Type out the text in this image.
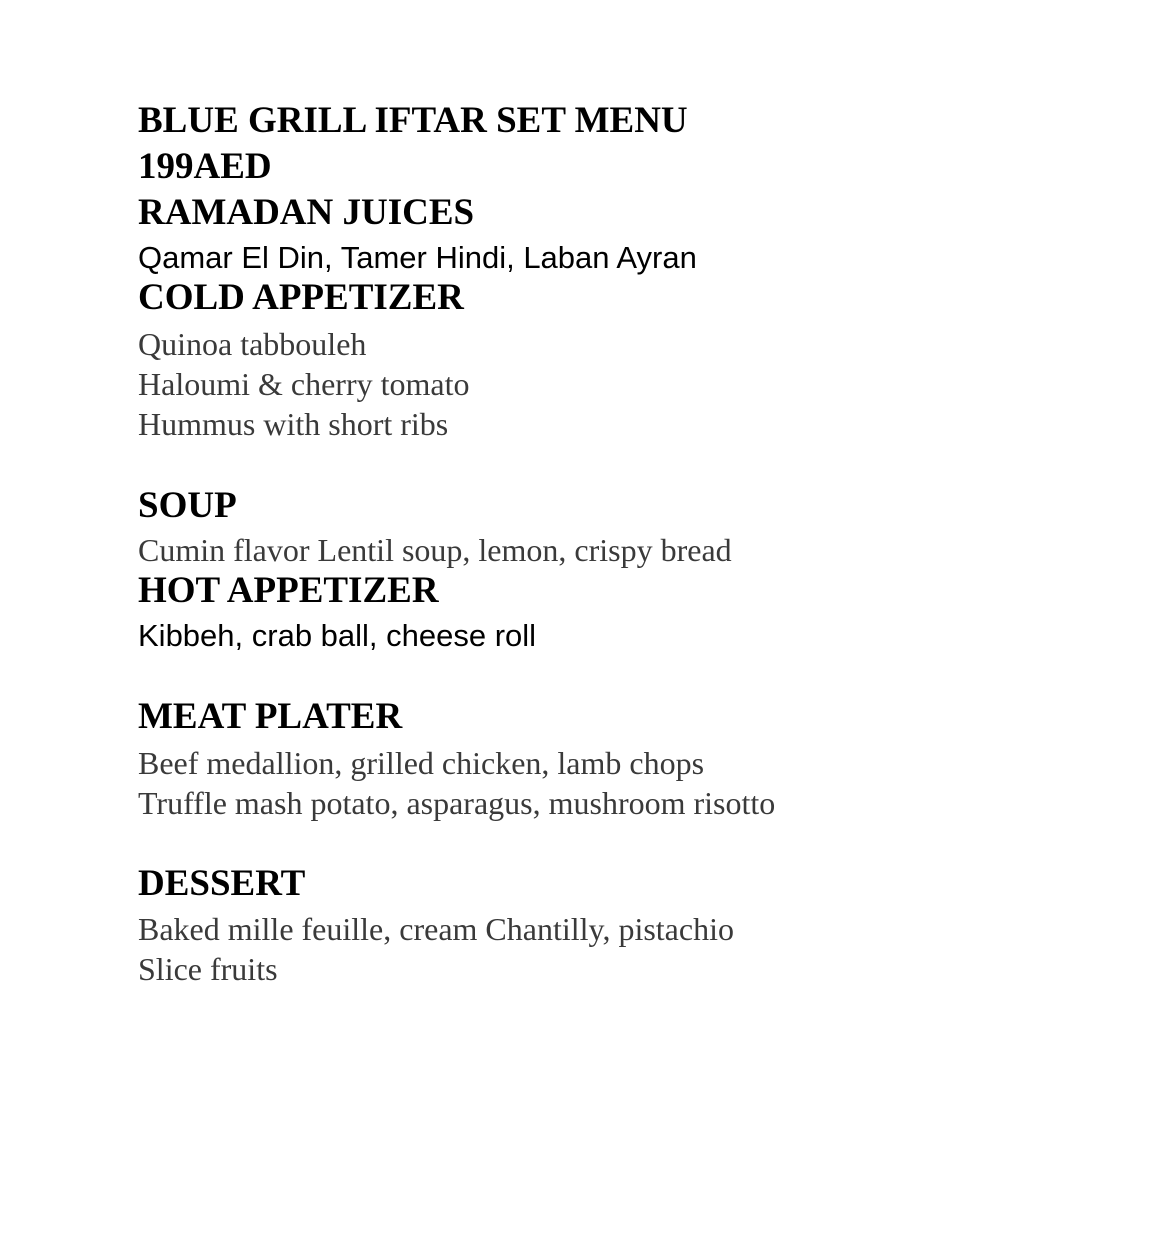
BLUE GRILL IFTAR SET MENU
199AED
RAMADAN JUICES
Qamar El Din, Tamer Hindi, Laban Ayran
COLD APPETIZER
Quinoa tabbouleh
Haloumi & cherry tomato
Hummus with short ribs
SOUP
Cumin flavor Lentil soup, lemon, crispy bread
HOT APPETIZER
Kibbeh, crab ball, cheese roll
MEAT PLATER
Beef medallion, grilled chicken, lamb chops
Truffle mash potato, asparagus, mushroom risotto
DESSERT
Baked mille feuille, cream Chantilly, pistachio
Slice fruits
